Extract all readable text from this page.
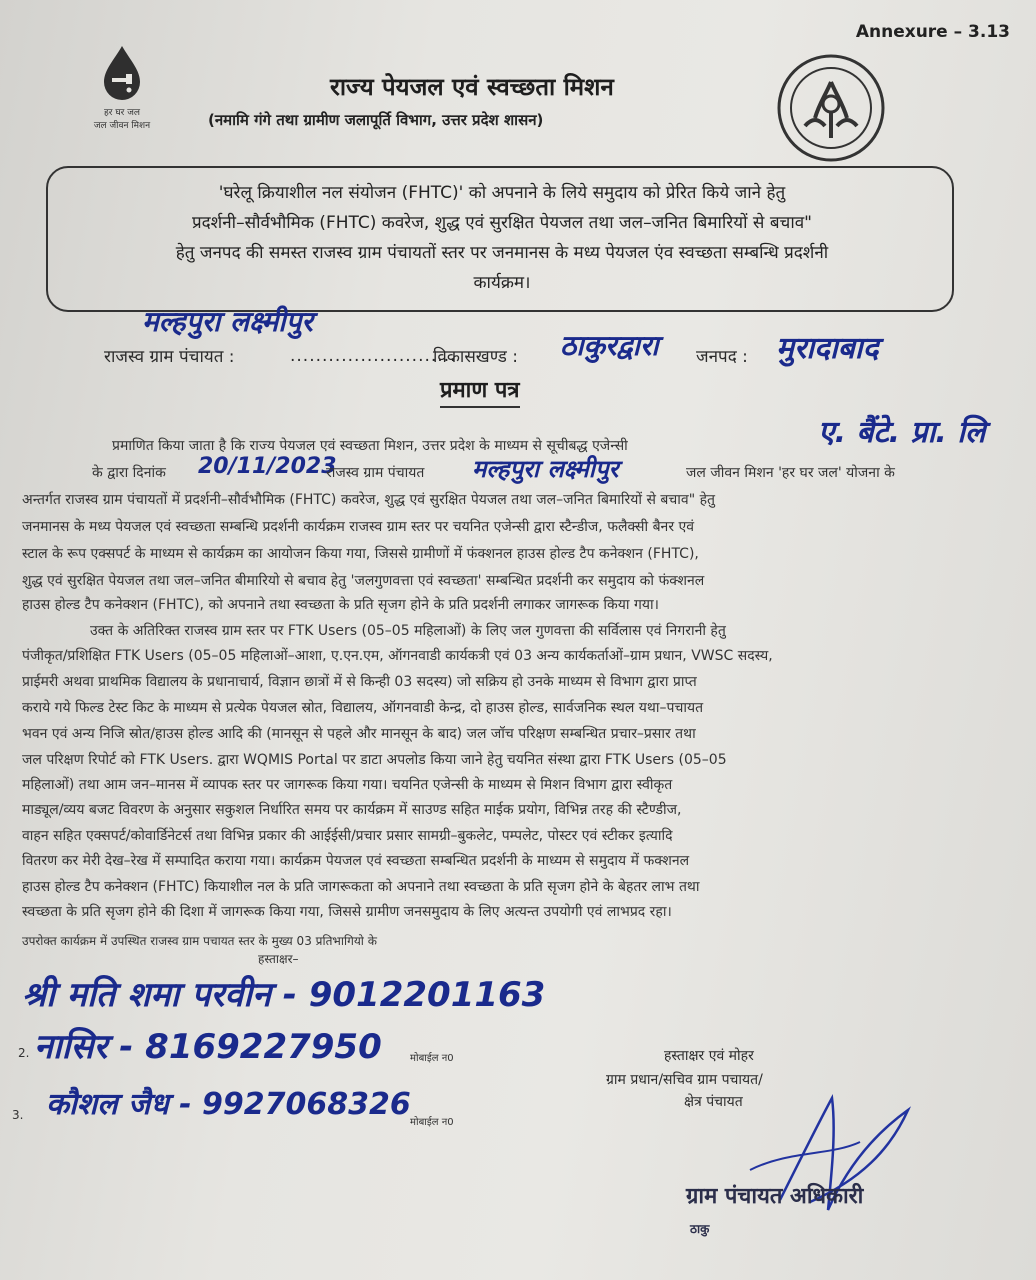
Annexure – 3.13
हर घर जल
जल जीवन मिशन
राज्य पेयजल एवं स्वच्छता मिशन
(नमामि गंगे तथा ग्रामीण जलापूर्ति विभाग, उत्तर प्रदेश शासन)

'घरेलू क्रियाशील नल संयोजन (FHTC)' को अपनाने के लिये समुदाय को प्रेरित किये जाने हेतु

प्रदर्शनी–सौर्वभौमिक (FHTC) कवरेज, शुद्ध एवं सुरक्षित पेयजल तथा जल–जनित बिमारियों से बचाव"

हेतु जनपद की समस्त राजस्व ग्राम पंचायतों स्तर पर जनमानस के मध्य पेयजल एंव स्वच्छता सम्बन्धि प्रदर्शनी

कार्यक्रम।

मल्हपुरा लक्ष्मीपुर
राजस्व ग्राम पंचायत :	..........................
विकासखण्ड : ठाकुरद्वारा जनपद : मुरादाबाद
प्रमाण पत्र
प्रमाणित किया जाता है कि राज्य पेयजल एवं स्वच्छता मिशन, उत्तर प्रदेश के माध्यम से सूचीबद्ध एजेन्सी	ए. बैंटे. प्रा. लि
के द्वारा दिनांक 20/11/2023
राजस्व ग्राम पंचायत मल्हपुरा लक्ष्मीपुर	जल जीवन मिशन 'हर घर जल' योजना के
अन्तर्गत राजस्व ग्राम पंचायतों में प्रदर्शनी–सौर्वभौमिक (FHTC) कवरेज, शुद्ध एवं सुरक्षित पेयजल तथा जल–जनित बिमारियों से बचाव" हेतु
जनमानस के मध्य पेयजल एवं स्वच्छता सम्बन्धि प्रदर्शनी कार्यक्रम राजस्व ग्राम स्तर पर चयनित एजेन्सी द्वारा स्टैन्डीज, फलैक्सी बैनर एवं
स्टाल के रूप एक्सपर्ट के माध्यम से कार्यक्रम का आयोजन किया गया, जिससे ग्रामीणों में फंक्शनल हाउस होल्ड टैप कनेक्शन (FHTC),
शुद्ध एवं सुरक्षित पेयजल तथा जल–जनित बीमारियो से बचाव हेतु 'जलगुणवत्ता एवं स्वच्छता' सम्बन्धित प्रदर्शनी कर समुदाय को फंक्शनल
हाउस होल्ड टैप कनेक्शन (FHTC), को अपनाने तथा स्वच्छता के प्रति सृजग होने के प्रति प्रदर्शनी लगाकर जागरूक किया गया।
उक्त के अतिरिक्त राजस्व ग्राम स्तर पर FTK Users (05–05 महिलाओं) के लिए जल गुणवत्ता की सर्विलास एवं निगरानी हेतु
पंजीकृत/प्रशिक्षित FTK Users (05–05 महिलाओं–आशा, ए.एन.एम, ऑगनवाडी कार्यकत्री एवं 03 अन्य कार्यकर्ताओं–ग्राम प्रधान, VWSC सदस्य,
प्राईमरी अथवा प्राथमिक विद्यालय के प्रधानाचार्य, विज्ञान छात्रों में से किन्ही 03 सदस्य) जो सक्रिय हो उनके माध्यम से विभाग द्वारा प्राप्त
कराये गये फिल्ड टेस्ट किट के माध्यम से प्रत्येक पेयजल स्रोत, विद्यालय, ऑगनवाडी केन्द्र, दो हाउस होल्ड, सार्वजनिक स्थल यथा–पचायत
भवन एवं अन्य निजि स्रोत/हाउस होल्ड आदि की (मानसून से पहले और मानसून के बाद) जल जॉच परिक्षण सम्बन्धित प्रचार–प्रसार तथा
जल परिक्षण रिपोर्ट को FTK Users. द्वारा WQMIS Portal पर डाटा अपलोड किया जाने हेतु चयनित संस्था द्वारा FTK Users (05–05
महिलाओं) तथा आम जन–मानस में व्यापक स्तर पर जागरूक किया गया। चयनित एजेन्सी के माध्यम से मिशन विभाग द्वारा स्वीकृत
माड्यूल/व्यय बजट विवरण के अनुसार सकुशल निर्धारित समय पर कार्यक्रम में साउण्ड सहित माईक प्रयोग, विभिन्न तरह की स्टैण्डीज,
वाहन सहित एक्सपर्ट/कोवार्डिनेटर्स तथा विभिन्न प्रकार की आईईसी/प्रचार प्रसार सामग्री–बुकलेट, पम्पलेट, पोस्टर एवं स्टीकर इत्यादि
वितरण कर मेरी देख–रेख में सम्पादित कराया गया। कार्यक्रम पेयजल एवं स्वच्छता सम्बन्धित प्रदर्शनी के माध्यम से समुदाय में फक्शनल
हाउस होल्ड टैप कनेक्शन (FHTC) कियाशील नल के प्रति जागरूकता को अपनाने तथा स्वच्छता के प्रति सृजग होने के बेहतर लाभ तथा
स्वच्छता के प्रति सृजग होने की दिशा में जागरूक किया गया, जिससे ग्रामीण जनसमुदाय के लिए अत्यन्त उपयोगी एवं लाभप्रद रहा।
उपरोक्त कार्यक्रम में उपस्थित राजस्व ग्राम पचायत स्तर के मुख्य 03 प्रतिभागियो के
हस्ताक्षर–
श्री मति शमा परवीन - 9012201163
2. नासिर - 8169227950	मोबाईल न0
3. कौशल जैध - 9927068326
मोबाईल न0
हस्ताक्षर एवं मोहर
ग्राम प्रधान/सचिव ग्राम पचायत/
क्षेत्र पंचायत
ग्राम पंचायत अधिकारी
ठाकु
